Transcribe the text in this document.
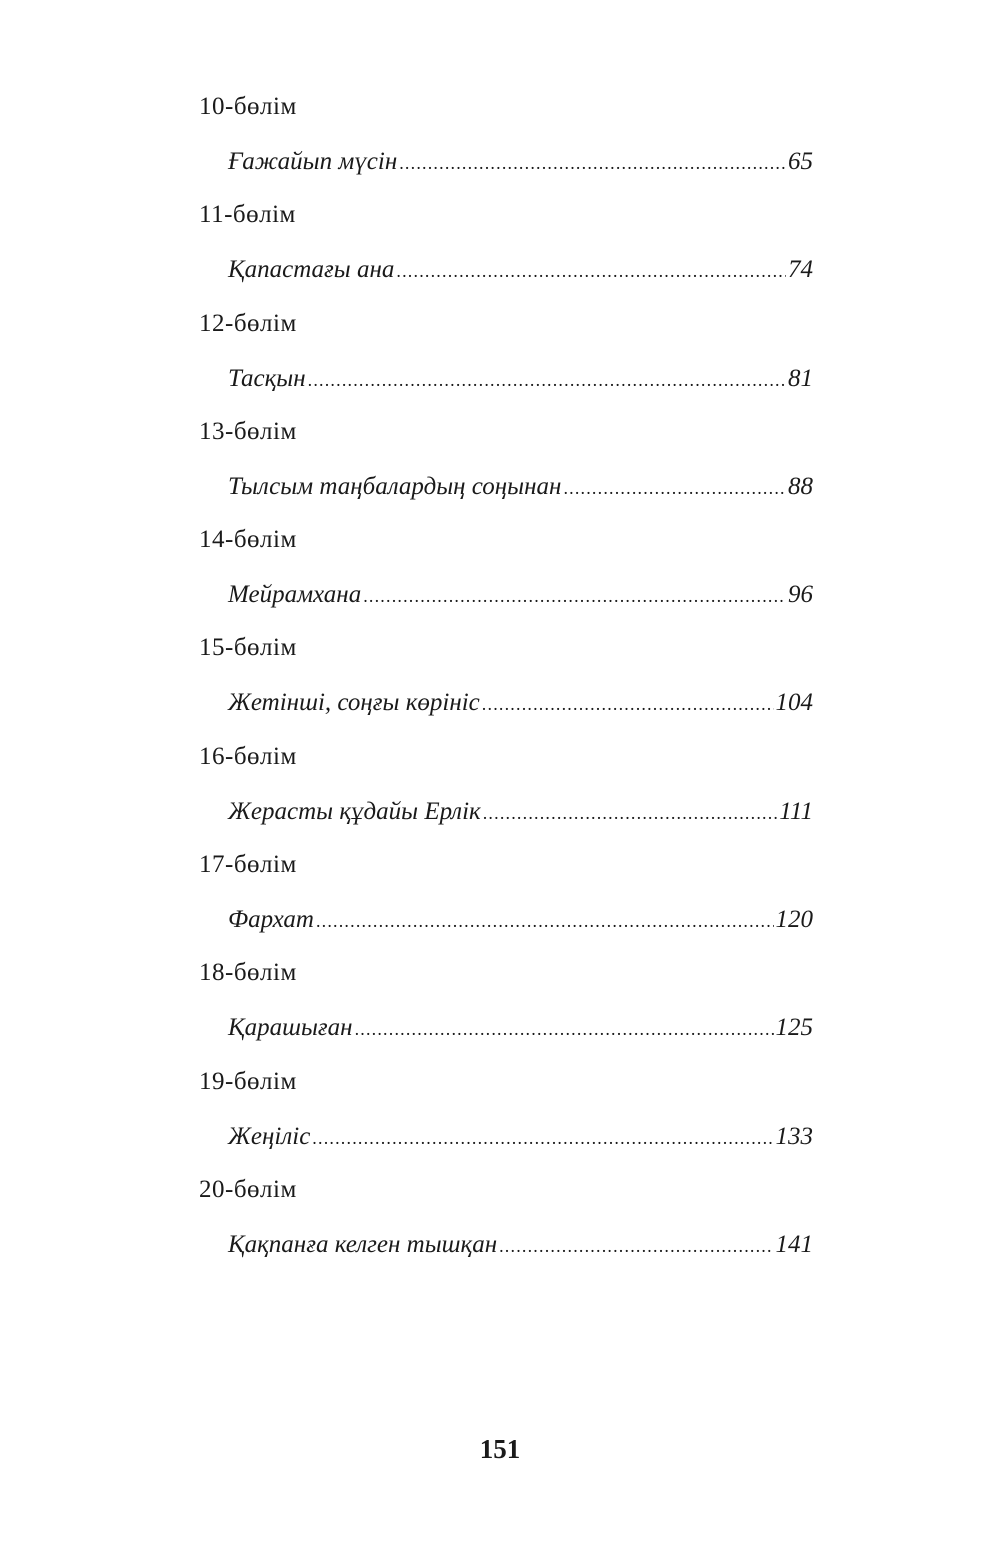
10-бөлім
Ғажайып мүсін .....	65
11-бөлім
Қапастағы ана .....	74
12-бөлім
Тасқын .....	81
13-бөлім
Тылсым таңбалардың соңынан .....	88
14-бөлім
Мейрамхана .....	96
15-бөлім
Жетінші, соңғы көрініс .....	104
16-бөлім
Жерасты құдайы Ерлік .....	111
17-бөлім
Фархат .....	120
18-бөлім
Қарашыған .....	125
19-бөлім
Жеңіліс .....	133
20-бөлім
Қақпанға келген тышқан .....	141
151
